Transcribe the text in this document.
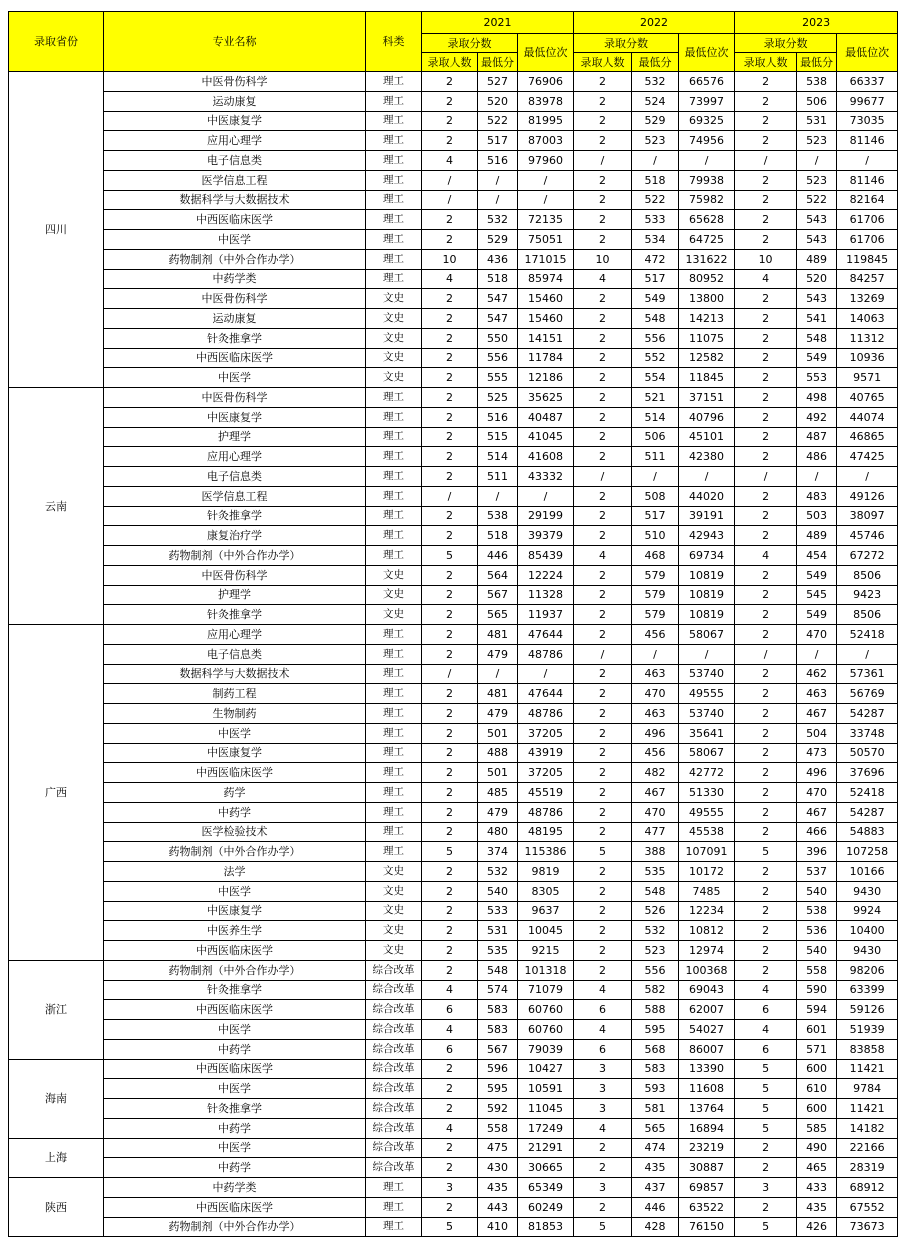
录取省份	专业名称	科类	2021			2022			2023		
			录取分数		最低位次	录取分数		最低位次	录取分数		最低位次
			录取人数	最低分		录取人数	最低分		录取人数	最低分	
四川	中医骨伤科学	理工	2	527	76906	2	532	66576	2	538	66337
	运动康复	理工	2	520	83978	2	524	73997	2	506	99677
	中医康复学	理工	2	522	81995	2	529	69325	2	531	73035
	应用心理学	理工	2	517	87003	2	523	74956	2	523	81146
	电子信息类	理工	4	516	97960	/	/	/	/	/	/
	医学信息工程	理工	/	/	/	2	518	79938	2	523	81146
	数据科学与大数据技术	理工	/	/	/	2	522	75982	2	522	82164
	中西医临床医学	理工	2	532	72135	2	533	65628	2	543	61706
	中医学	理工	2	529	75051	2	534	64725	2	543	61706
	药物制剂（中外合作办学）	理工	10	436	171015	10	472	131622	10	489	119845
	中药学类	理工	4	518	85974	4	517	80952	4	520	84257
	中医骨伤科学	文史	2	547	15460	2	549	13800	2	543	13269
	运动康复	文史	2	547	15460	2	548	14213	2	541	14063
	针灸推拿学	文史	2	550	14151	2	556	11075	2	548	11312
	中西医临床医学	文史	2	556	11784	2	552	12582	2	549	10936
	中医学	文史	2	555	12186	2	554	11845	2	553	9571
云南	中医骨伤科学	理工	2	525	35625	2	521	37151	2	498	40765
	中医康复学	理工	2	516	40487	2	514	40796	2	492	44074
	护理学	理工	2	515	41045	2	506	45101	2	487	46865
	应用心理学	理工	2	514	41608	2	511	42380	2	486	47425
	电子信息类	理工	2	511	43332	/	/	/	/	/	/
	医学信息工程	理工	/	/	/	2	508	44020	2	483	49126
	针灸推拿学	理工	2	538	29199	2	517	39191	2	503	38097
	康复治疗学	理工	2	518	39379	2	510	42943	2	489	45746
	药物制剂（中外合作办学）	理工	5	446	85439	4	468	69734	4	454	67272
	中医骨伤科学	文史	2	564	12224	2	579	10819	2	549	8506
	护理学	文史	2	567	11328	2	579	10819	2	545	9423
	针灸推拿学	文史	2	565	11937	2	579	10819	2	549	8506
广西	应用心理学	理工	2	481	47644	2	456	58067	2	470	52418
	电子信息类	理工	2	479	48786	/	/	/	/	/	/
	数据科学与大数据技术	理工	/	/	/	2	463	53740	2	462	57361
	制药工程	理工	2	481	47644	2	470	49555	2	463	56769
	生物制药	理工	2	479	48786	2	463	53740	2	467	54287
	中医学	理工	2	501	37205	2	496	35641	2	504	33748
	中医康复学	理工	2	488	43919	2	456	58067	2	473	50570
	中西医临床医学	理工	2	501	37205	2	482	42772	2	496	37696
	药学	理工	2	485	45519	2	467	51330	2	470	52418
	中药学	理工	2	479	48786	2	470	49555	2	467	54287
	医学检验技术	理工	2	480	48195	2	477	45538	2	466	54883
	药物制剂（中外合作办学）	理工	5	374	115386	5	388	107091	5	396	107258
	法学	文史	2	532	9819	2	535	10172	2	537	10166
	中医学	文史	2	540	8305	2	548	7485	2	540	9430
	中医康复学	文史	2	533	9637	2	526	12234	2	538	9924
	中医养生学	文史	2	531	10045	2	532	10812	2	536	10400
	中西医临床医学	文史	2	535	9215	2	523	12974	2	540	9430
浙江	药物制剂（中外合作办学）	综合改革	2	548	101318	2	556	100368	2	558	98206
	针灸推拿学	综合改革	4	574	71079	4	582	69043	4	590	63399
	中西医临床医学	综合改革	6	583	60760	6	588	62007	6	594	59126
	中医学	综合改革	4	583	60760	4	595	54027	4	601	51939
	中药学	综合改革	6	567	79039	6	568	86007	6	571	83858
海南	中西医临床医学	综合改革	2	596	10427	3	583	13390	5	600	11421
	中医学	综合改革	2	595	10591	3	593	11608	5	610	9784
	针灸推拿学	综合改革	2	592	11045	3	581	13764	5	600	11421
	中药学	综合改革	4	558	17249	4	565	16894	5	585	14182
上海	中医学	综合改革	2	475	21291	2	474	23219	2	490	22166
	中药学	综合改革	2	430	30665	2	435	30887	2	465	28319
陕西	中药学类	理工	3	435	65349	3	437	69857	3	433	68912
	中西医临床医学	理工	2	443	60249	2	446	63522	2	435	67552
	药物制剂（中外合作办学）	理工	5	410	81853	5	428	76150	5	426	73673
